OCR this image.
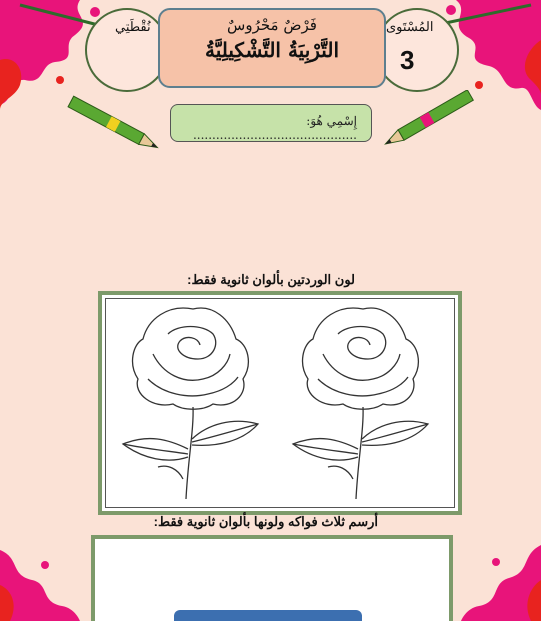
نُقْطَتِي	المُسْتَوى
3
فَرْضٌ مَحْرُوسٌ
التَّرْبِيَةُ التَّشْكِيلِيَّةُ
إِسْمِي هُوَ: ...........................................
لون الوردتين بألوان ثانوية فقط:
أرسم ثلاث فواكه ولونها بألوان ثانوية فقط:
